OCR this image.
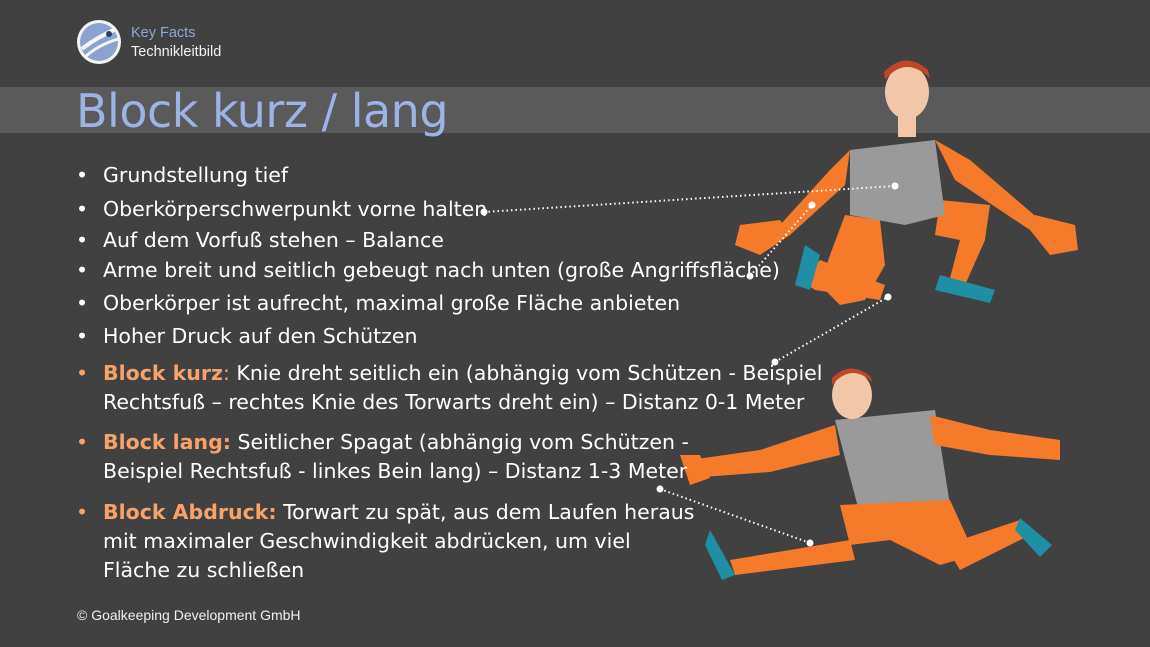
Key Facts
Technikleitbild
Block kurz / lang
• Grundstellung tief
• Oberkörperschwerpunkt vorne halten
• Auf dem Vorfuß stehen – Balance
• Arme breit und seitlich gebeugt nach unten (große Angriffsfläche)
• Oberkörper ist aufrecht, maximal große Fläche anbieten
• Hoher Druck auf den Schützen
• Block kurz: Knie dreht seitlich ein (abhängig vom Schützen - Beispiel
Rechtsfuß – rechtes Knie des Torwarts dreht ein) – Distanz 0-1 Meter
• Block lang: Seitlicher Spagat (abhängig vom Schützen -
Beispiel Rechtsfuß - linkes Bein lang) – Distanz 1-3 Meter
• Block Abdruck: Torwart zu spät, aus dem Laufen heraus
mit maximaler Geschwindigkeit abdrücken, um viel
Fläche zu schließen
© Goalkeeping Development GmbH
